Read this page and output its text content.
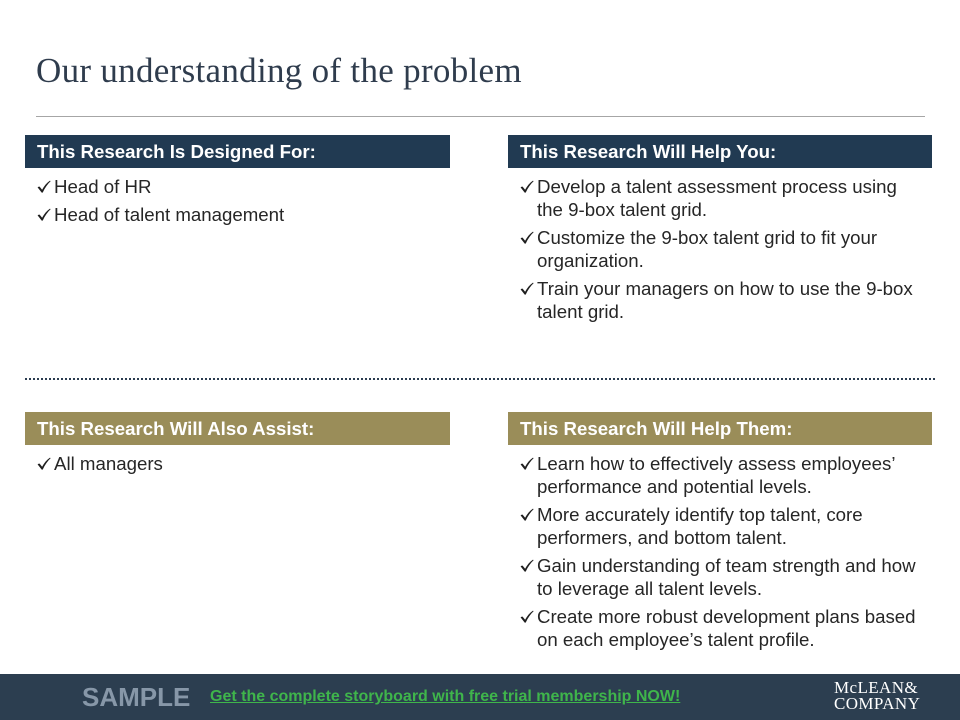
Our understanding of the problem
This Research Is Designed For:
Head of HR
Head of talent management
This Research Will Help You:
Develop a talent assessment process using the 9-box talent grid.
Customize the 9-box talent grid to fit your organization.
Train your managers on how to use the 9-box talent grid.
This Research Will Also Assist:
All managers
This Research Will Help Them:
Learn how to effectively assess employees’ performance and potential levels.
More accurately identify top talent, core performers, and bottom talent.
Gain understanding of team strength and how to leverage all talent levels.
Create more robust development plans based on each employee’s talent profile.
SAMPLE Get the complete storyboard with free trial membership NOW!	McLEAN&
COMPANY
